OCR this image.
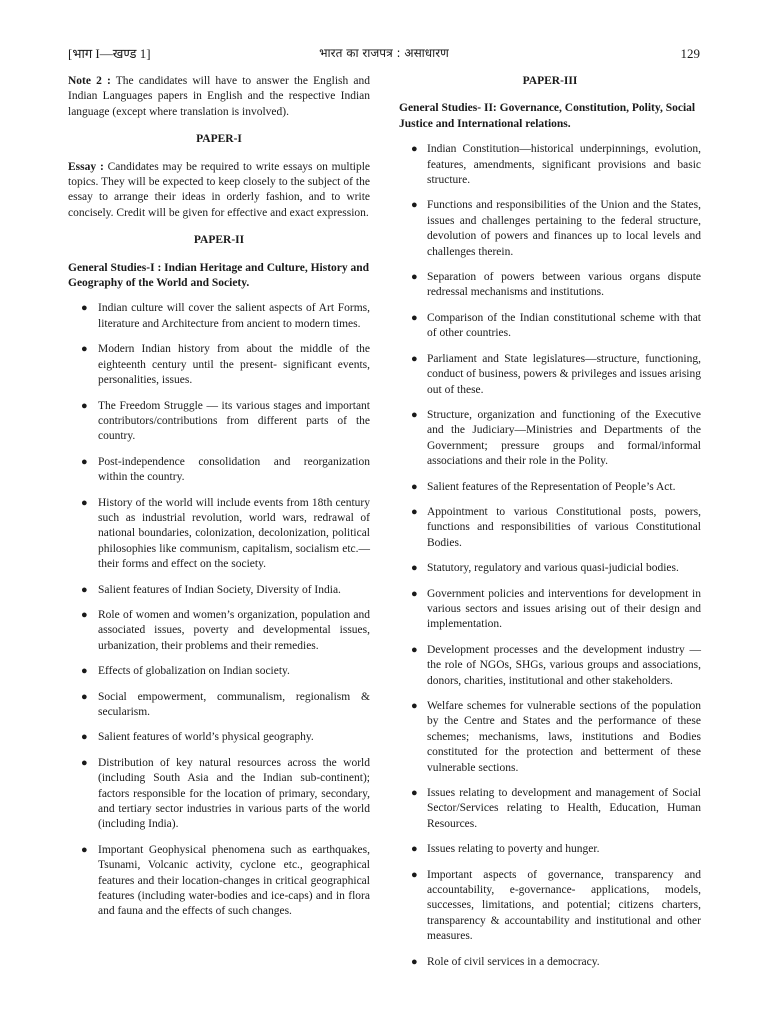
[भाग I—खण्ड 1]	भारत का राजपत्र : असाधारण	129

Note 2 : The candidates will have to answer the English and Indian Languages papers in English and the respective Indian language (except where translation is involved).

PAPER-I

Essay : Candidates may be required to write essays on multiple topics. They will be expected to keep closely to the subject of the essay to arrange their ideas in orderly fashion, and to write concisely. Credit will be given for effective and exact expression.

PAPER-II
General Studies-I : Indian Heritage and Culture, History and Geography of the World and Society.
● Indian culture will cover the salient aspects of Art Forms, literature and Architecture from ancient to modern times.
● Modern Indian history from about the middle of the eighteenth century until the present- significant events, personalities, issues.
● The Freedom Struggle — its various stages and important contributors/contributions from different parts of the country.
● Post-independence consolidation and reorganization within the country.
● History of the world will include events from 18th century such as industrial revolution, world wars, redrawal of national boundaries, colonization, decolonization, political philosophies like communism, capitalism, socialism etc.— their forms and effect on the society.
● Salient features of Indian Society, Diversity of India.
● Role of women and women’s organization, population and associated issues, poverty and developmental issues, urbanization, their problems and their remedies.
● Effects of globalization on Indian society.
● Social empowerment, communalism, regionalism & secularism.
● Salient features of world’s physical geography.
● Distribution of key natural resources across the world (including South Asia and the Indian sub-continent); factors responsible for the location of primary, secondary, and tertiary sector industries in various parts of the world (including India).
● Important Geophysical phenomena such as earthquakes, Tsunami, Volcanic activity, cyclone etc., geographical features and their location-changes in critical geographical features (including water-bodies and ice-caps) and in flora and fauna and the effects of such changes.
PAPER-III
General Studies- II: Governance, Constitution, Polity, Social Justice and International relations.
● Indian Constitution—historical underpinnings, evolution, features, amendments, significant provisions and basic structure.
● Functions and responsibilities of the Union and the States, issues and challenges pertaining to the federal structure, devolution of powers and finances up to local levels and challenges therein.
● Separation of powers between various organs dispute redressal mechanisms and institutions.
● Comparison of the Indian constitutional scheme with that of other countries.
● Parliament and State legislatures—structure, functioning, conduct of business, powers & privileges and issues arising out of these.
● Structure, organization and functioning of the Executive and the Judiciary—Ministries and Departments of the Government; pressure groups and formal/informal associations and their role in the Polity.
● Salient features of the Representation of People’s Act.
● Appointment to various Constitutional posts, powers, functions and responsibilities of various Constitutional Bodies.
● Statutory, regulatory and various quasi-judicial bodies.
● Government policies and interventions for development in various sectors and issues arising out of their design and implementation.
● Development processes and the development industry —the role of NGOs, SHGs, various groups and associations, donors, charities, institutional and other stakeholders.
● Welfare schemes for vulnerable sections of the population by the Centre and States and the performance of these schemes; mechanisms, laws, institutions and Bodies constituted for the protection and betterment of these vulnerable sections.
● Issues relating to development and management of Social Sector/Services relating to Health, Education, Human Resources.
● Issues relating to poverty and hunger.
● Important aspects of governance, transparency and accountability, e-governance- applications, models, successes, limitations, and potential; citizens charters, transparency & accountability and institutional and other measures.
● Role of civil services in a democracy.
